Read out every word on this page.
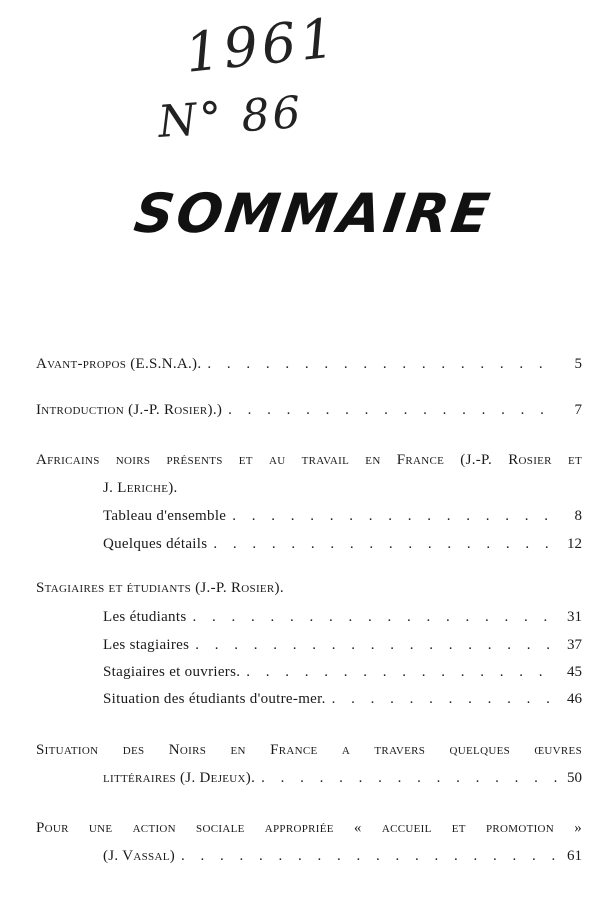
1961
N° 86
SOMMAIRE
Avant-propos (E.S.N.A.). . . .	5
Introduction (J.-P. Rosier).) . . .	7
Africains noirs présents et au travail en France (J.-P. Rosier et
J. Leriche).
Tableau d'ensemble . . .	8
Quelques détails . . .	12
Stagiaires et étudiants (J.-P. Rosier).
Les étudiants . . .	31
Les stagiaires . . .	37
Stagiaires et ouvriers. . . .	45
Situation des étudiants d'outre-mer. . . .	46
Situation des Noirs en France a travers quelques œuvres
littéraires (J. Dejeux). . . .	50
Pour une action sociale appropriée « accueil et promotion »
(J. Vassal) . . .	61
